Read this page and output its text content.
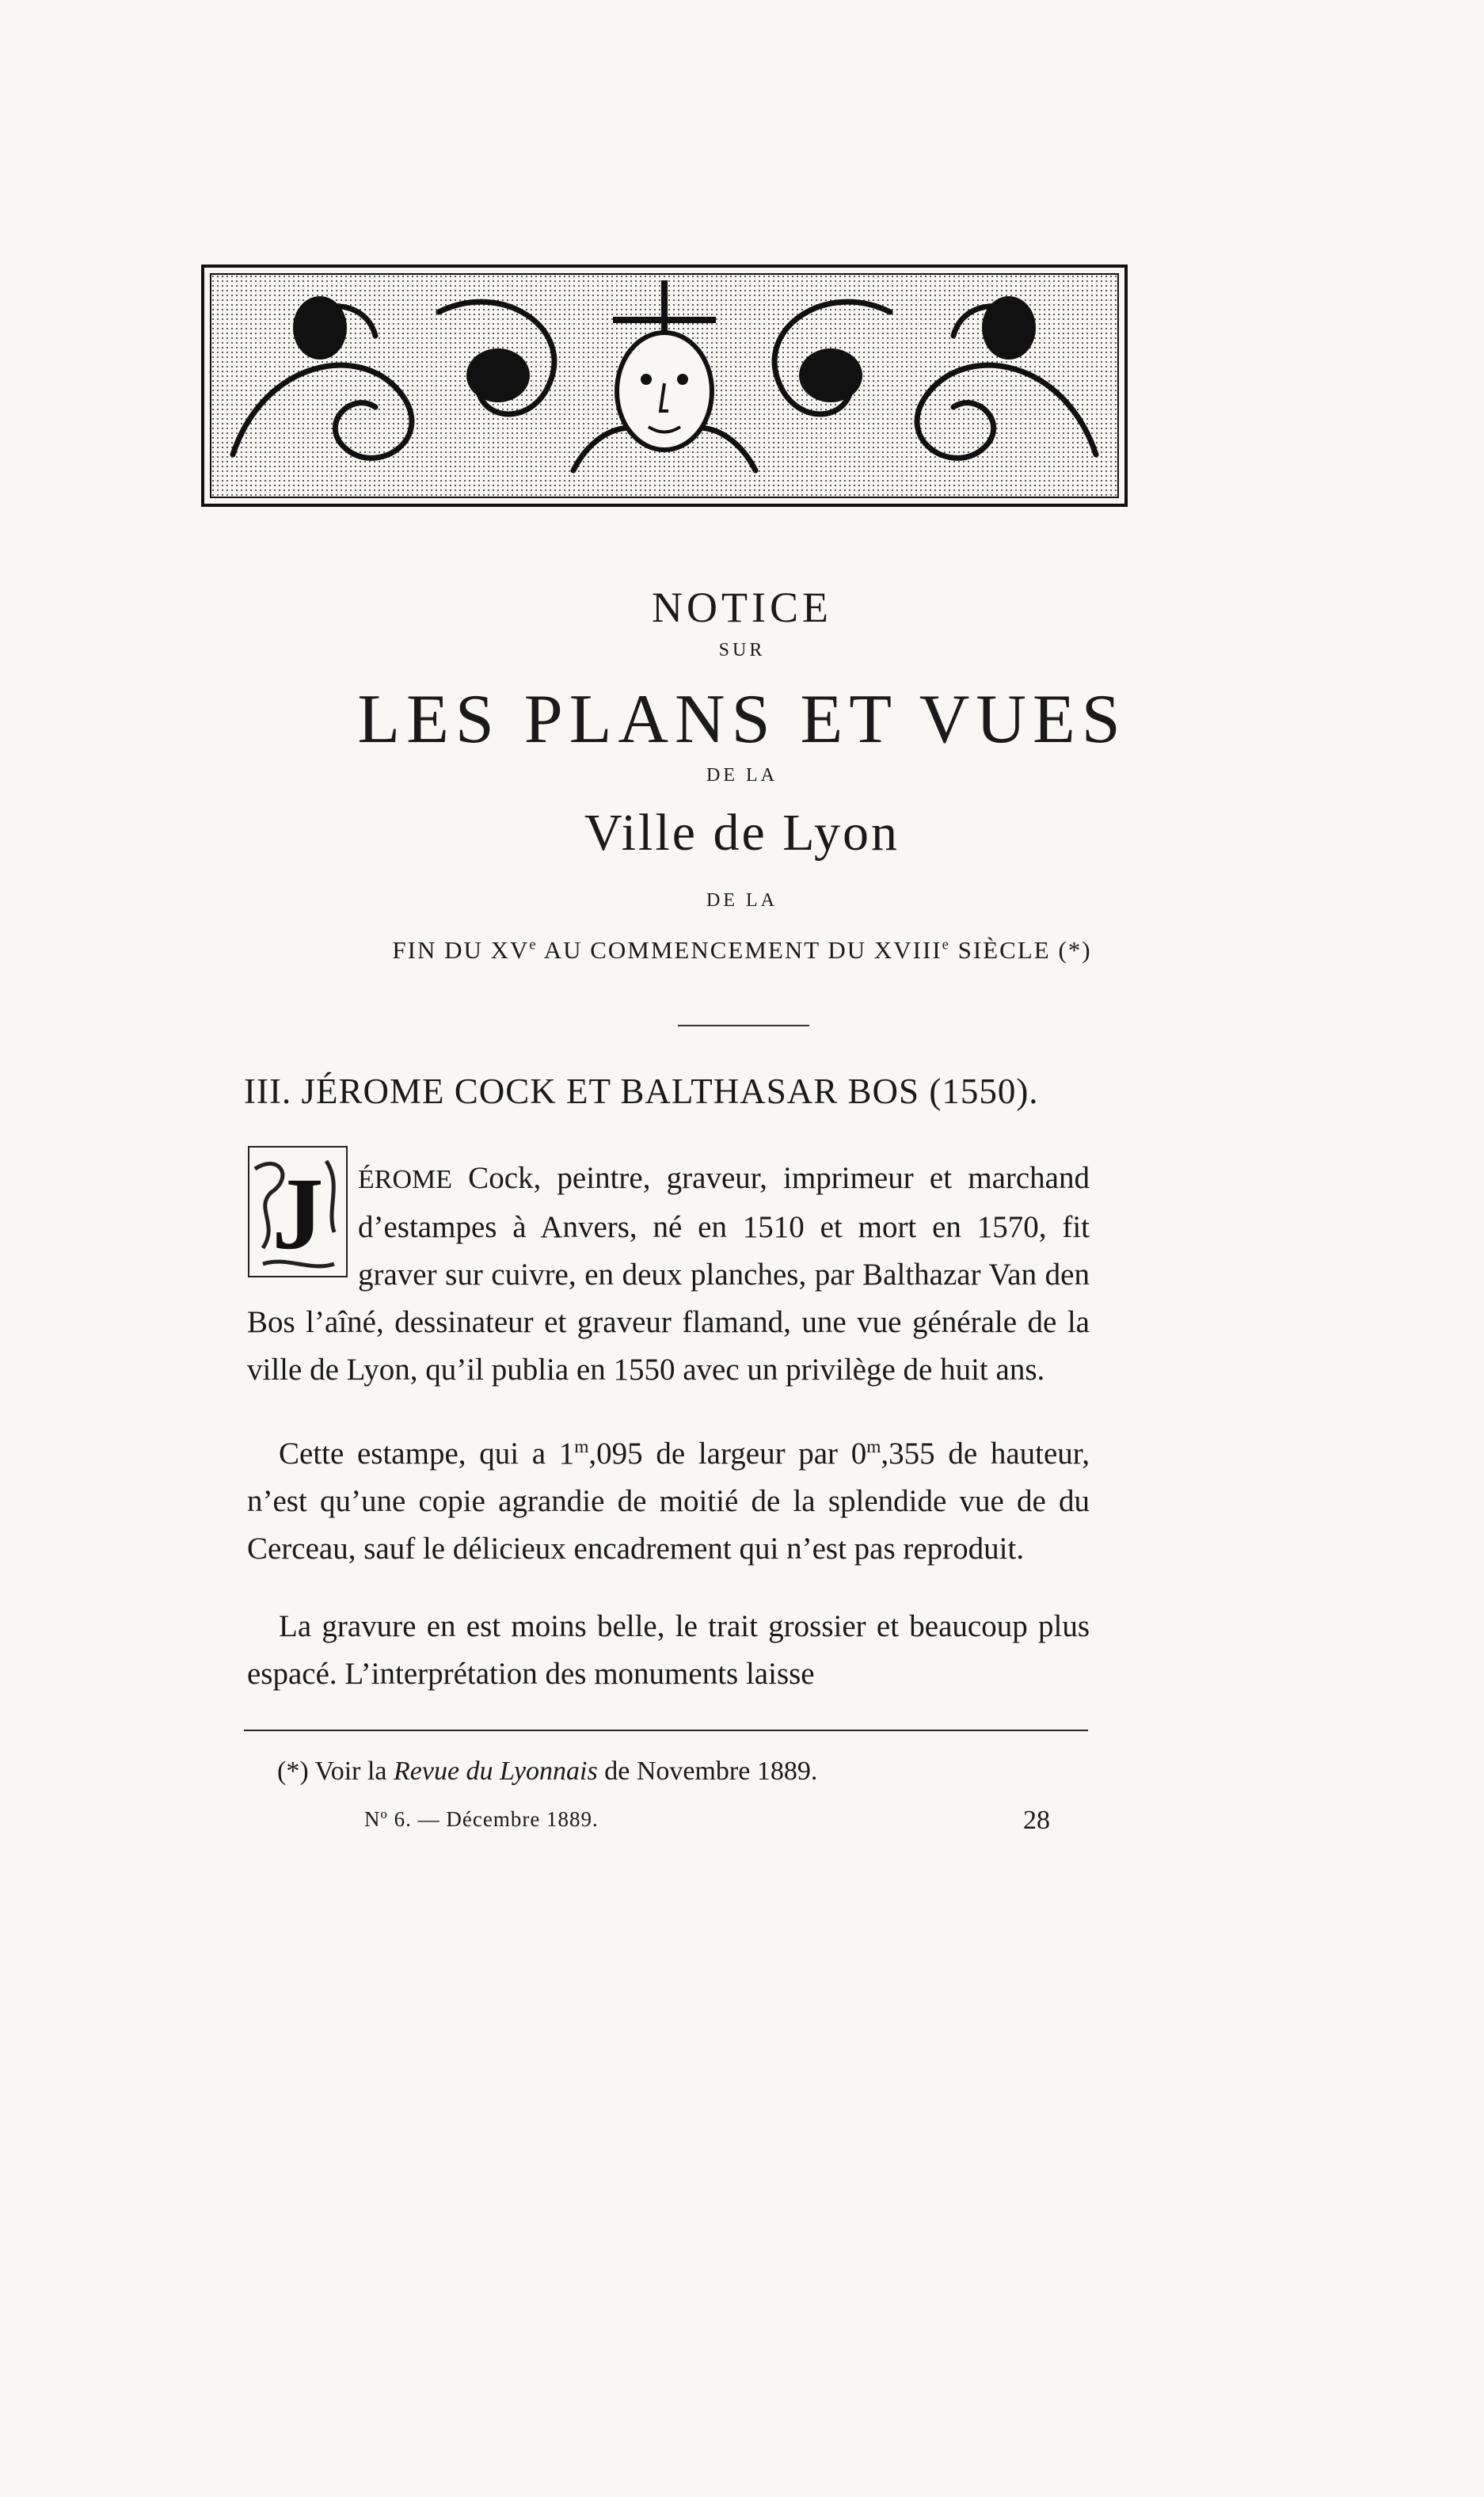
NOTICE
SUR
LES PLANS ET VUES
DE LA
Ville de Lyon
DE LA
FIN DU XVe AU COMMENCEMENT DU XVIIIe SIÈCLE (*)
III. JÉROME COCK ET BALTHASAR BOS (1550).
J ÉROME Cock, peintre, graveur, imprimeur et marchand d’estampes à Anvers, né en 1510 et mort en 1570, fit graver sur cuivre, en deux planches, par Balthazar Van den Bos l’aîné, dessinateur et graveur flamand, une vue générale de la ville de Lyon, qu’il publia en 1550 avec un privilège de huit ans.

Cette estampe, qui a 1$^m$,095 de largeur par 0$^m$,355 de hauteur, n’est qu’une copie agrandie de moitié de la splendide vue de du Cerceau, sauf le délicieux encadrement qui n’est pas reproduit.

La gravure en est moins belle, le trait grossier et beaucoup plus espacé. L’interprétation des monuments laisse

(*) Voir la Revue du Lyonnais de Novembre 1889.
Nº 6. — Décembre 1889.	28
